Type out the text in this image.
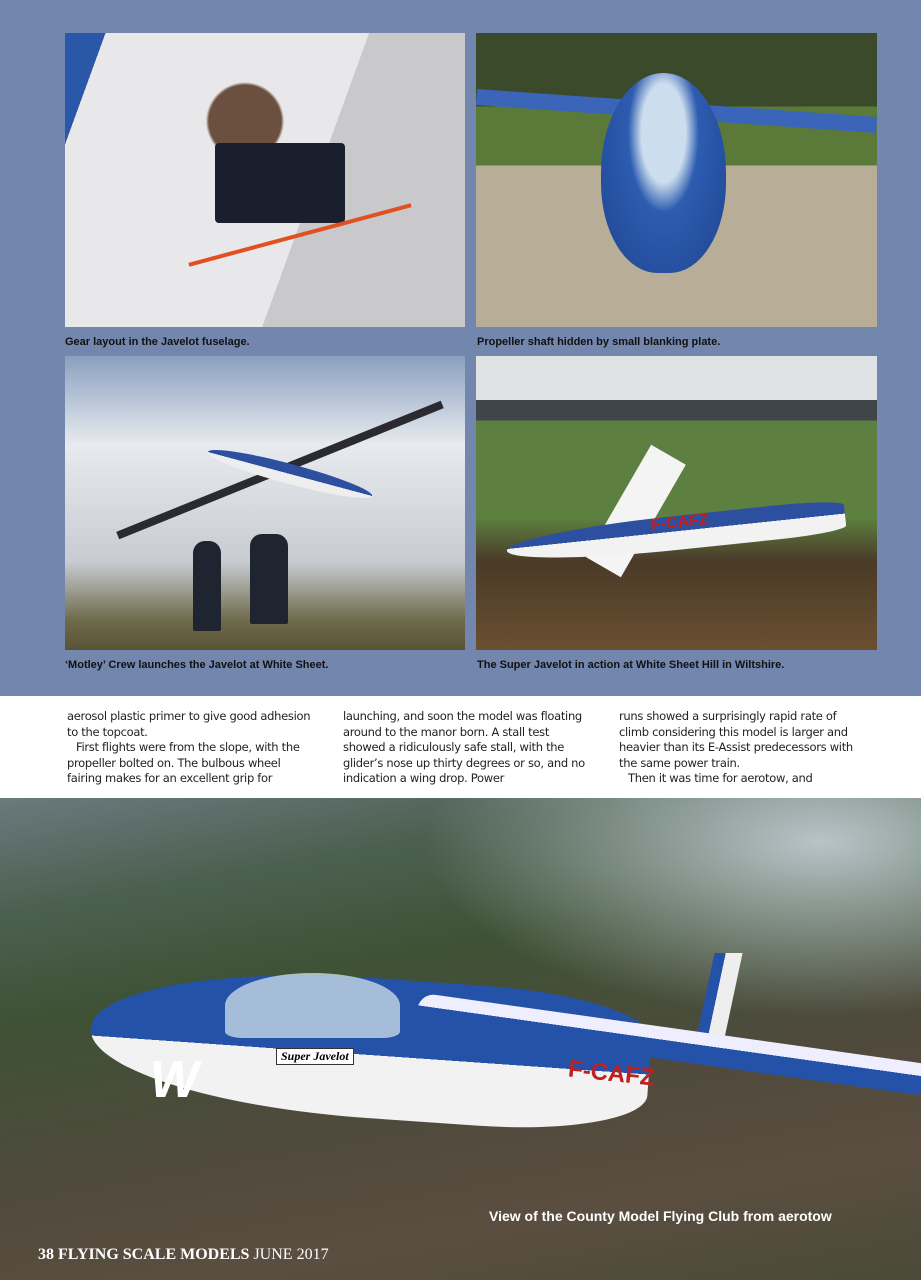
Gear layout in the Javelot fuselage.	Propeller shaft hidden by small blanking plate.
‘Motley’ Crew launches the Javelot at White Sheet.
F-CAFZ
The Super Javelot in action at White Sheet Hill in Wiltshire.

aerosol plastic primer to give good adhesion to the topcoat.

First flights were from the slope, with the propeller bolted on. The bulbous wheel fairing makes for an excellent grip for

launching, and soon the model was floating around to the manor born. A stall test showed a ridiculously safe stall, with the glider’s nose up thirty degrees or so, and no indication a wing drop. Power

runs showed a surprisingly rapid rate of climb considering this model is larger and heavier than its E-Assist predecessors with the same power train.

Then it was time for aerotow, and

W	Super Javelot	F-CAFZ
View of the County Model Flying Club from aerotow
38 FLYING SCALE MODELS JUNE 2017
